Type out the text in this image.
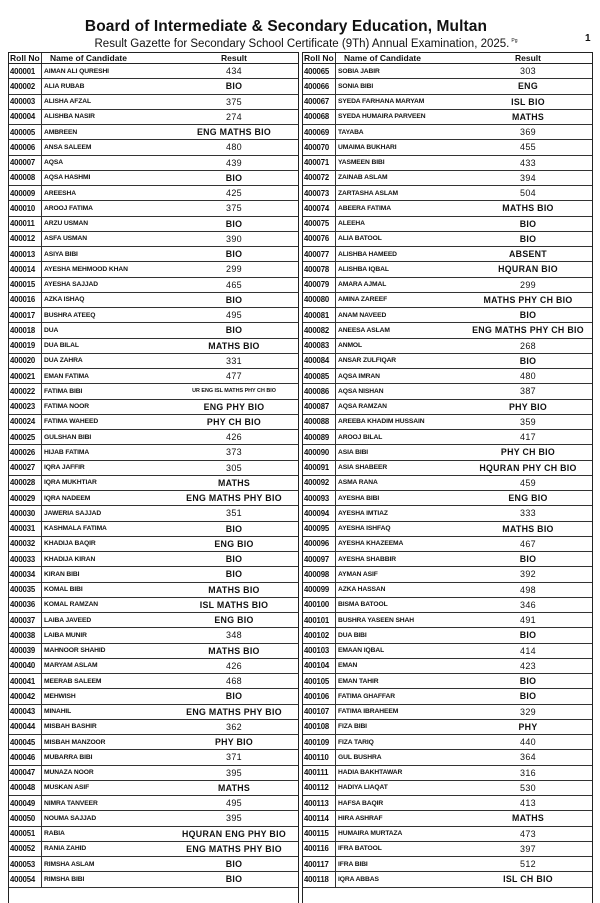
Board of Intermediate & Secondary Education, Multan
Result Gazette for Secondary School Certificate (9Th) Annual Examination, 2025. $^{Pg}$	1
Roll No	Name of Candidate	Result
400001	AIMAN ALI QURESHI	434
400002	ALIA RUBAB	BIO
400003	ALISHA AFZAL	375
400004	ALISHBA NASIR	274
400005	AMBREEN	ENG MATHS BIO
400006	ANSA SALEEM	480
400007	AQSA	439
400008	AQSA HASHMI	BIO
400009	AREESHA	425
400010	AROOJ FATIMA	375
400011	ARZU USMAN	BIO
400012	ASFA USMAN	390
400013	ASIYA BIBI	BIO
400014	AYESHA MEHMOOD KHAN	299
400015	AYESHA SAJJAD	465
400016	AZKA ISHAQ	BIO
400017	BUSHRA ATEEQ	495
400018	DUA	BIO
400019	DUA BILAL	MATHS BIO
400020	DUA ZAHRA	331
400021	EMAN FATIMA	477
400022	FATIMA BIBI	UR ENG ISL MATHS PHY CH BIO
400023	FATIMA NOOR	ENG PHY BIO
400024	FATIMA WAHEED	PHY CH BIO
400025	GULSHAN BIBI	426
400026	HIJAB FATIMA	373
400027	IQRA JAFFIR	305
400028	IQRA MUKHTIAR	MATHS
400029	IQRA NADEEM	ENG MATHS PHY BIO
400030	JAWERIA SAJJAD	351
400031	KASHMALA FATIMA	BIO
400032	KHADIJA BAQIR	ENG BIO
400033	KHADIJA KIRAN	BIO
400034	KIRAN BIBI	BIO
400035	KOMAL BIBI	MATHS BIO
400036	KOMAL RAMZAN	ISL MATHS BIO
400037	LAIBA JAVEED	ENG BIO
400038	LAIBA MUNIR	348
400039	MAHNOOR SHAHID	MATHS BIO
400040	MARYAM ASLAM	426
400041	MEERAB SALEEM	468
400042	MEHWISH	BIO
400043	MINAHIL	ENG MATHS PHY BIO
400044	MISBAH BASHIR	362
400045	MISBAH MANZOOR	PHY BIO
400046	MUBARRA BIBI	371
400047	MUNAZA NOOR	395
400048	MUSKAN ASIF	MATHS
400049	NIMRA TANVEER	495
400050	NOUMA SAJJAD	395
400051	RABIA	HQURAN ENG PHY BIO
400052	RANIA ZAHID	ENG MATHS PHY BIO
400053	RIMSHA ASLAM	BIO
400054	RIMSHA BIBI	BIO
Roll No	Name of Candidate	Result
400065	SOBIA JABIR	303
400066	SONIA BIBI	ENG
400067	SYEDA FARHANA MARYAM	ISL BIO
400068	SYEDA HUMAIRA PARVEEN	MATHS
400069	TAYABA	369
400070	UMAIMA BUKHARI	455
400071	YASMEEN BIBI	433
400072	ZAINAB ASLAM	394
400073	ZARTASHA ASLAM	504
400074	ABEERA FATIMA	MATHS BIO
400075	ALEEHA	BIO
400076	ALIA BATOOL	BIO
400077	ALISHBA HAMEED	ABSENT
400078	ALISHBA IQBAL	HQURAN BIO
400079	AMARA AJMAL	299
400080	AMINA ZAREEF	MATHS PHY CH BIO
400081	ANAM NAVEED	BIO
400082	ANEESA ASLAM	ENG MATHS PHY CH BIO
400083	ANMOL	268
400084	ANSAR ZULFIQAR	BIO
400085	AQSA IMRAN	480
400086	AQSA NISHAN	387
400087	AQSA RAMZAN	PHY BIO
400088	AREEBA KHADIM HUSSAIN	359
400089	AROOJ BILAL	417
400090	ASIA BIBI	PHY CH BIO
400091	ASIA SHABEER	HQURAN PHY CH BIO
400092	ASMA RANA	459
400093	AYESHA BIBI	ENG BIO
400094	AYESHA IMTIAZ	333
400095	AYESHA ISHFAQ	MATHS BIO
400096	AYESHA KHAZEEMA	467
400097	AYESHA SHABBIR	BIO
400098	AYMAN ASIF	392
400099	AZKA HASSAN	498
400100	BISMA BATOOL	346
400101	BUSHRA YASEEN SHAH	491
400102	DUA BIBI	BIO
400103	EMAAN IQBAL	414
400104	EMAN	423
400105	EMAN TAHIR	BIO
400106	FATIMA GHAFFAR	BIO
400107	FATIMA IBRAHEEM	329
400108	FIZA BIBI	PHY
400109	FIZA TARIQ	440
400110	GUL BUSHRA	364
400111	HADIA BAKHTAWAR	316
400112	HADIYA LIAQAT	530
400113	HAFSA BAQIR	413
400114	HIRA ASHRAF	MATHS
400115	HUMAIRA MURTAZA	473
400116	IFRA BATOOL	397
400117	IFRA BIBI	512
400118	IQRA ABBAS	ISL CH BIO
